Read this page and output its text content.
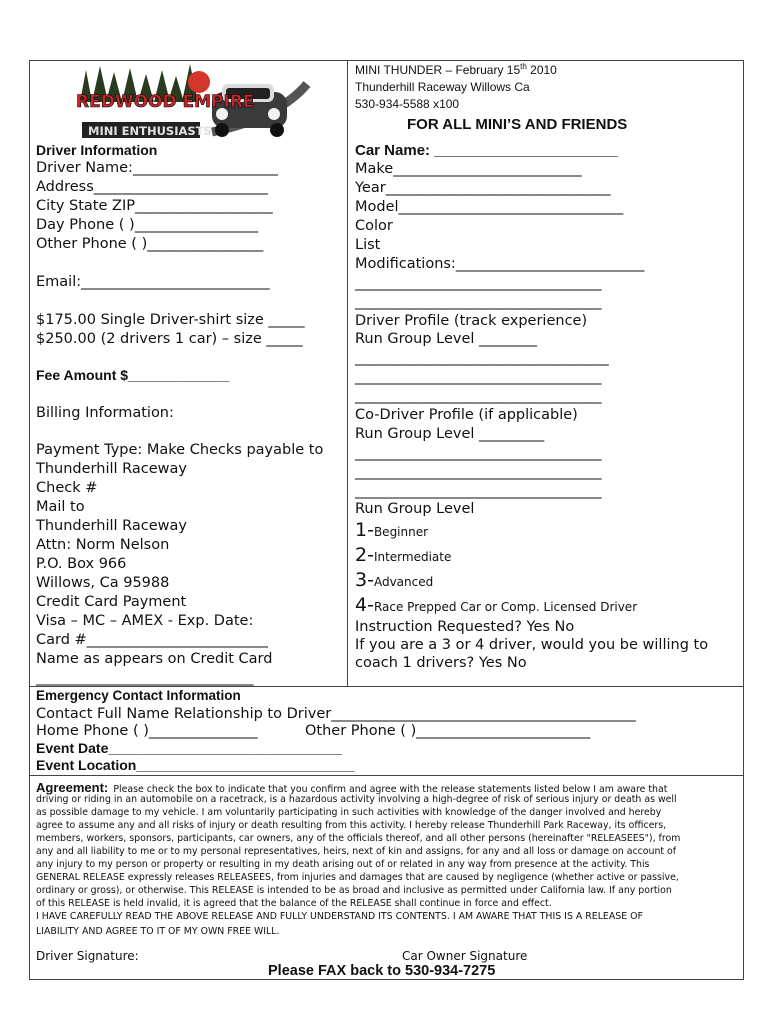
REDWOOD EMPIRE
MINI ENTHUSIASTS
MINI THUNDER – February 15th 2010
Thunderhill Raceway Willows Ca
530-934-5588 x100
FOR ALL MINI’S AND FRIENDS
Driver Information
Driver Name:____________________
Address________________________
City State ZIP___________________
Day Phone ( )_________________
Other Phone ( )________________
Email:__________________________
$175.00 Single Driver-shirt size _____
$250.00 (2 drivers 1 car) – size _____
Fee Amount $_____________
Billing Information:
Payment Type: Make Checks payable to
Thunderhill Raceway
Check #
Mail to
Thunderhill Raceway
Attn: Norm Nelson
P.O. Box 966
Willows, Ca 95988
Credit Card Payment
Visa – MC – AMEX - Exp. Date:
Card #_________________________
Name as appears on Credit Card
______________________________
Car Name: ______________________
Make__________________________
Year_______________________________
Model_______________________________
Color
List
Modifications:__________________________
__________________________________
__________________________________
Driver Profile (track experience)
Run Group Level ________
___________________________________
__________________________________
__________________________________
Co-Driver Profile (if applicable)
Run Group Level _________
__________________________________
__________________________________
__________________________________
Run Group Level
1-Beginner
2-Intermediate
3-Advanced
4-Race Prepped Car or Comp. Licensed Driver
Instruction Requested? Yes No
If you are a 3 or 4 driver, would you be willing to
coach 1 drivers? Yes No
Emergency Contact Information
Contact Full Name Relationship to Driver__________________________________________
Home Phone ( )_______________	Other Phone ( )________________________
Event Date______________________________
Event Location____________________________
Agreement: Please check the box to indicate that you confirm and agree with the release statements listed below I am aware that
driving or riding in an automobile on a racetrack, is a hazardous activity involving a high-degree of risk of serious injury or death as well
as possible damage to my vehicle. I am voluntarily participating in such activities with knowledge of the danger involved and hereby
agree to assume any and all risks of injury or death resulting from this activity. I hereby release Thunderhill Park Raceway, its officers,
members, workers, sponsors, participants, car owners, any of the officials thereof, and all other persons (hereinafter "RELEASEES"), from
any and all liability to me or to my personal representatives, heirs, next of kin and assigns, for any and all loss or damage on account of
any injury to my person or property or resulting in my death arising out of or related in any way from presence at the activity. This
GENERAL RELEASE expressly releases RELEASEES, from injuries and damages that are caused by negligence (whether active or passive,
ordinary or gross), or otherwise. This RELEASE is intended to be as broad and inclusive as permitted under California law. If any portion
of this RELEASE is held invalid, it is agreed that the balance of the RELEASE shall continue in force and effect.
I HAVE CAREFULLY READ THE ABOVE RELEASE AND FULLY UNDERSTAND ITS CONTENTS. I AM AWARE THAT THIS IS A RELEASE OF
LIABILITY AND AGREE TO IT OF MY OWN FREE WILL.
Driver Signature:	Car Owner Signature
Please FAX back to 530-934-7275
